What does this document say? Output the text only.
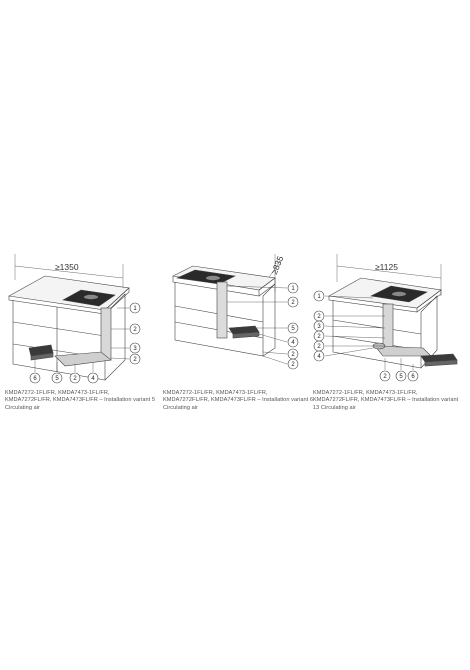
1
2
3
2
6	5 2 4
≥1350
KMDA7272-1FL/FR, KMDA7473-1FL/FR, KMDA7272FL/FR, KMDA7473FL/FR – Installation variant 5 Circulating air
1
2
5
4
2
2
≥835
KMDA7272-1FL/FR, KMDA7473-1FL/FR, KMDA7272FL/FR, KMDA7473FL/FR – Installation variant 6 Circulating air
1
2
3
2
2
4
2 5 6
≥1125
KMDA7272-1FL/FR, KMDA7473-1FL/FR, KMDA7272FL/FR, KMDA7473FL/FR – Installation variant 13 Circulating air
